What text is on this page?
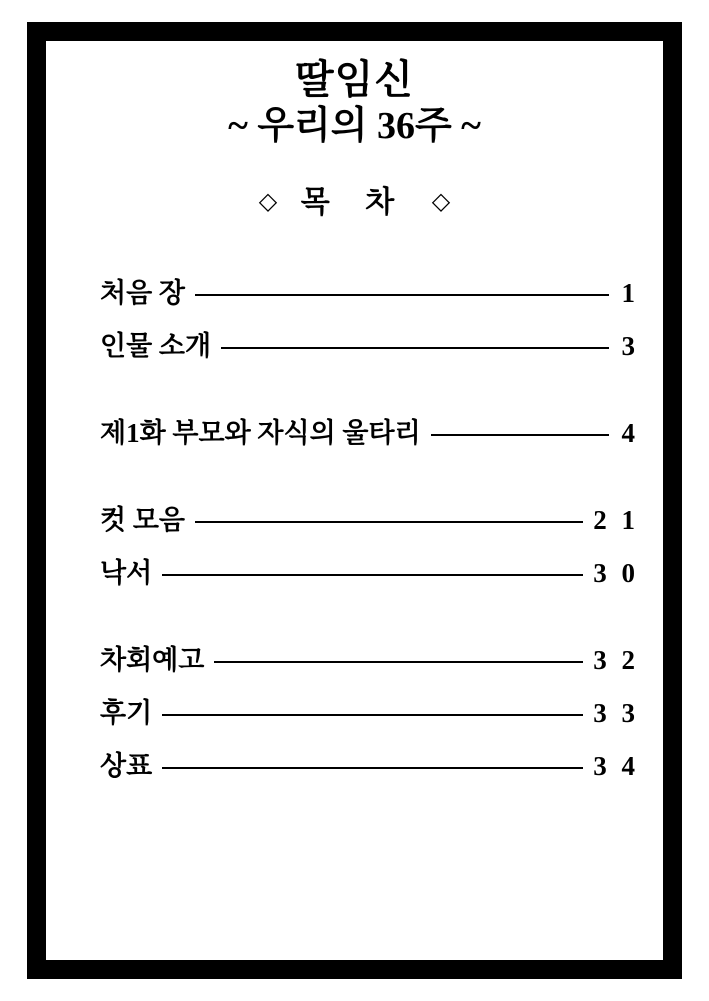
딸임신
~ 우리의 36주 ~
◇ 목 차 ◇
처음 장	1
인물 소개	3
제1화 부모와 자식의 울타리	4
컷 모음	2 1
낙서	3 0
차회예고	3 2
후기	3 3
상표	3 4
